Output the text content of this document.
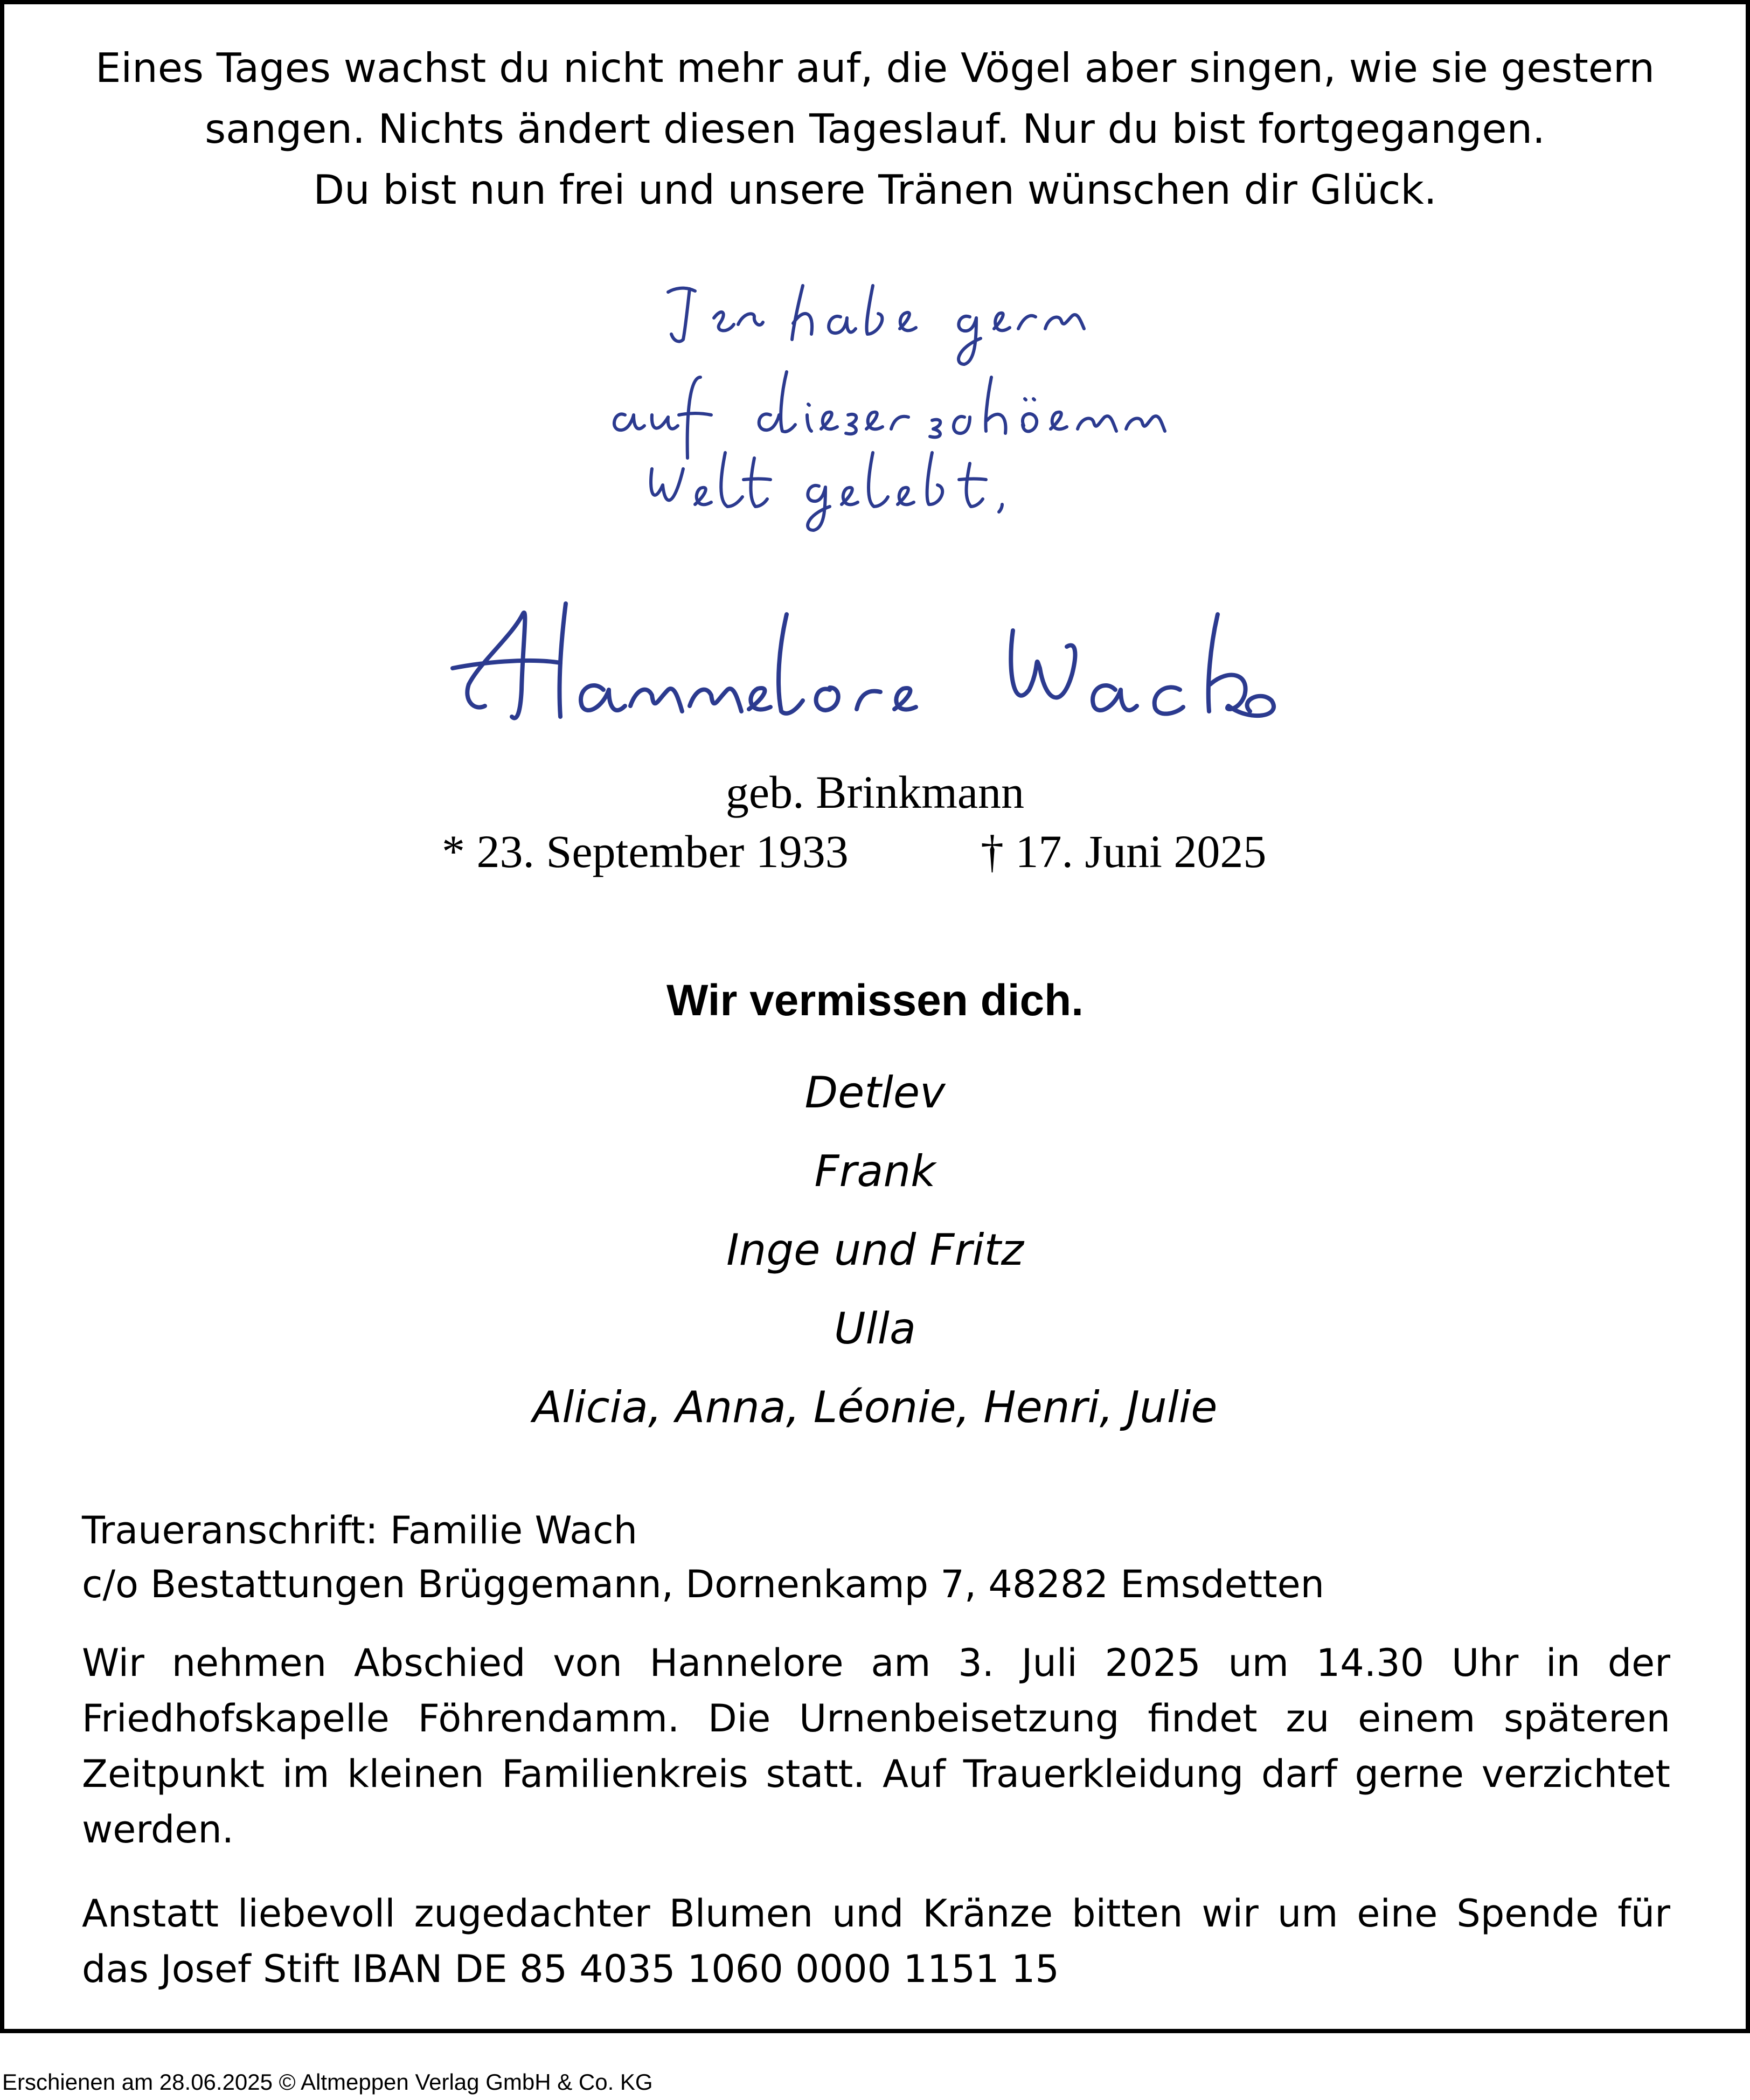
Eines Tages wachst du nicht mehr auf, die Vögel aber singen, wie sie gestern
sangen. Nichts ändert diesen Tageslauf. Nur du bist fortgegangen.
Du bist nun frei und unsere Tränen wünschen dir Glück.
geb. Brinkmann
* 23. September 1933	† 17. Juni 2025
Wir vermissen dich.
Detlev
Frank
Inge und Fritz
Ulla
Alicia, Anna, Léonie, Henri, Julie
Traueranschrift: Familie Wach
c/o Bestattungen Brüggemann, Dornenkamp 7, 48282 Emsdetten
Wir nehmen Abschied von Hannelore am 3. Juli 2025 um 14.30 Uhr in der Friedhofskapelle Föhrendamm. Die Urnenbeisetzung findet zu einem späteren Zeitpunkt im kleinen Familienkreis statt. Auf Trauerkleidung darf gerne verzichtet werden.
Anstatt liebevoll zugedachter Blumen und Kränze bitten wir um eine Spende für das Josef Stift IBAN DE 85 4035 1060 0000 1151 15
Erschienen am 28.06.2025 © Altmeppen Verlag GmbH & Co. KG
